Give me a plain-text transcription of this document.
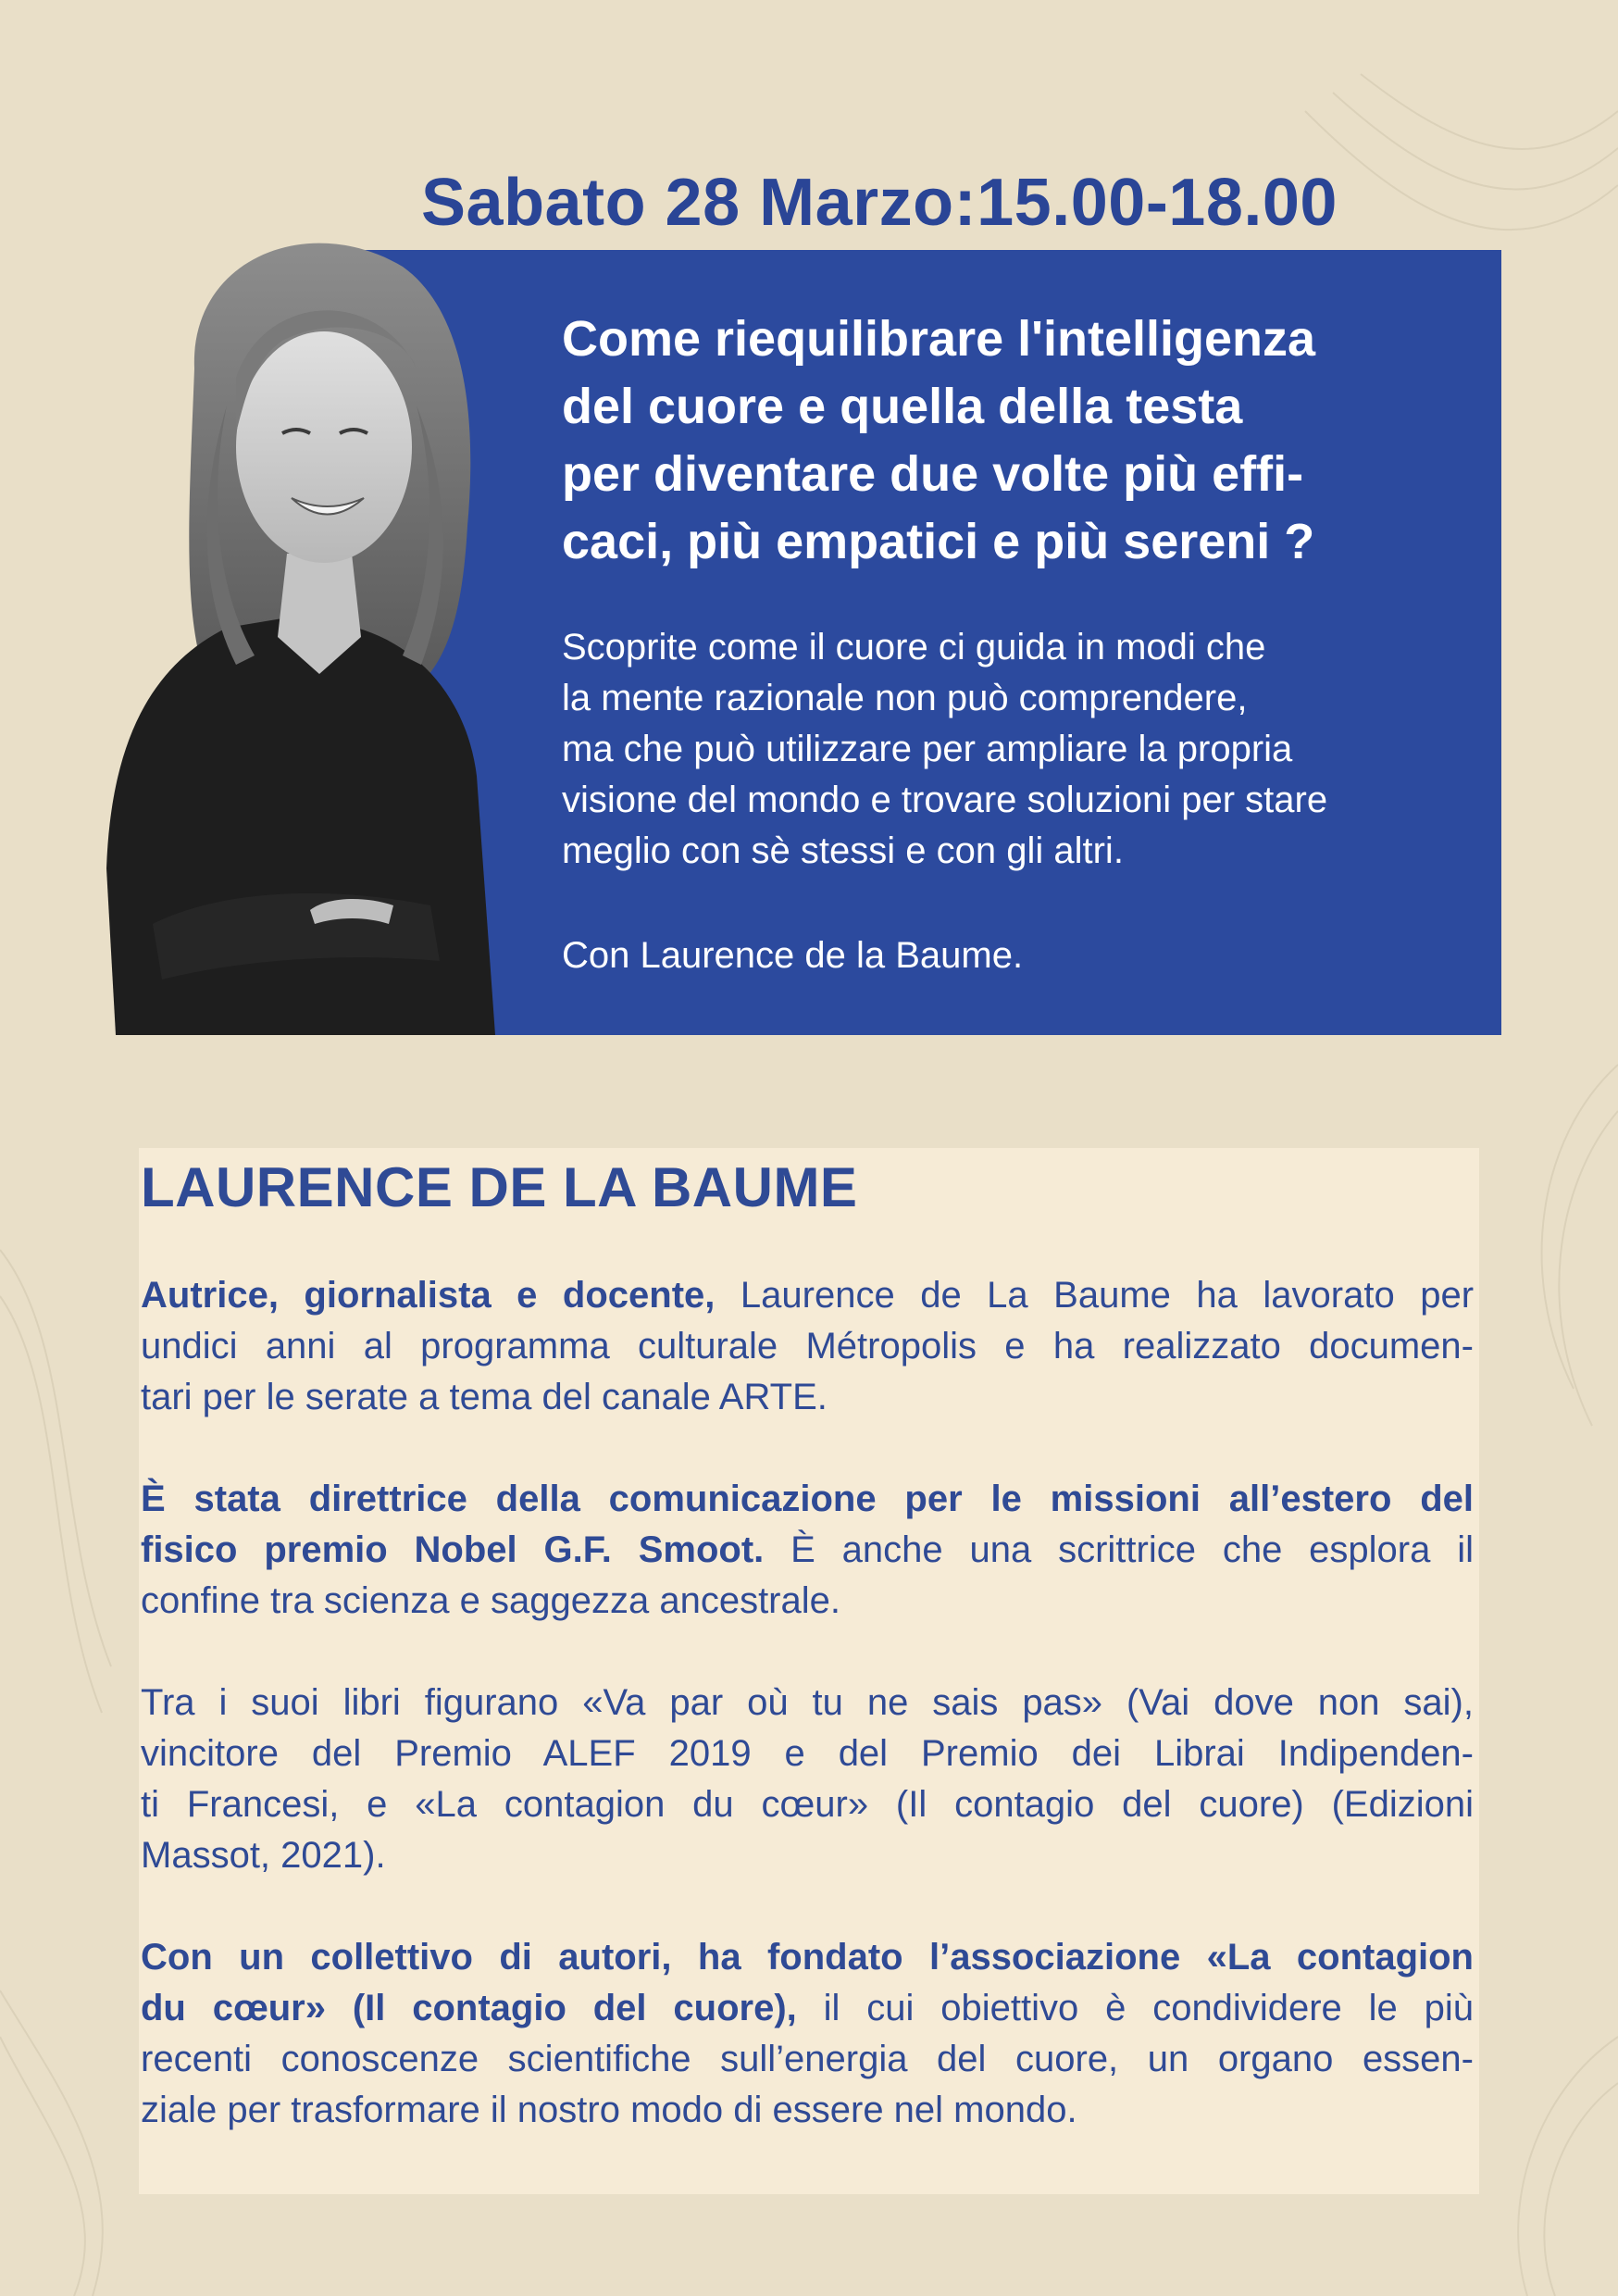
Sabato 28 Marzo:15.00-18.00
Come riequilibrare l'intelligenza
del cuore e quella della testa
per diventare due volte più effi-
caci, più empatici e più sereni ?
Scoprite come il cuore ci guida in modi che
la mente razionale non può comprendere,
ma che può utilizzare per ampliare la propria
visione del mondo e trovare soluzioni per stare
meglio con sè stessi e con gli altri.
Con Laurence de la Baume.
LAURENCE DE LA BAUME

Autrice, giornalista e docente, Laurence de La Baume ha lavorato per
undici anni al programma culturale Métropolis e ha realizzato documen-
tari per le serate a tema del canale ARTE.

È stata direttrice della comunicazione per le missioni all’estero del
fisico premio Nobel G.F. Smoot. È anche una scrittrice che esplora il
confine tra scienza e saggezza ancestrale.

Tra i suoi libri figurano «Va par où tu ne sais pas» (Vai dove non sai),
vincitore del Premio ALEF 2019 e del Premio dei Librai Indipenden-
ti Francesi, e «La contagion du cœur» (Il contagio del cuore) (Edizioni
Massot, 2021).

Con un collettivo di autori, ha fondato l’associazione «La contagion
du cœur» (Il contagio del cuore), il cui obiettivo è condividere le più
recenti conoscenze scientifiche sull’energia del cuore, un organo essen-
ziale per trasformare il nostro modo di essere nel mondo.
